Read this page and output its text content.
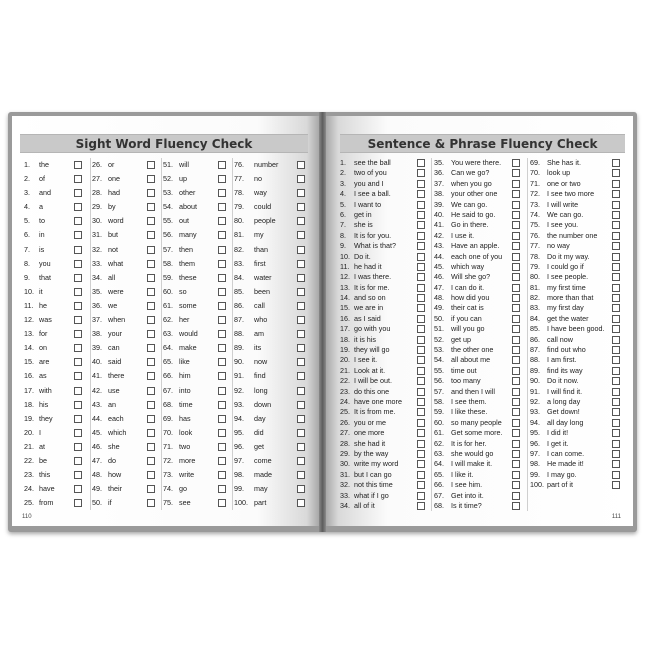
Sight Word Fluency Check
1. the
2. of
3. and
4. a
5. to
6. in
7. is
8. you
9. that
10. it
11. he
12. was
13. for
14. on
15. are
16. as
17. with
18. his
19. they
20. I
21. at
22. be
23. this
24. have
25. from
26. or
27. one
28. had
29. by
30. word
31. but
32. not
33. what
34. all
35. were
36. we
37. when
38. your
39. can
40. said
41. there
42. use
43. an
44. each
45. which
46. she
47. do
48. how
49. their
50. if
51. will
52. up
53. other
54. about
55. out
56. many
57. then
58. them
59. these
60. so
61. some
62. her
63. would
64. make
65. like
66. him
67. into
68. time
69. has
70. look
71. two
72. more
73. write
74. go
75. see
76. number
77. no
78. way
79. could
80. people
81. my
82. than
83. first
84. water
85. been
86. call
87. who
88. am
89. its
90. now
91. find
92. long
93. down
94. day
95. did
96. get
97. come
98. made
99. may
100. part
110
Sentence & Phrase Fluency Check
1. see the ball
2. two of you
3. you and I
4. I see a ball.
5. I want to
6. get in
7. she is
8. It is for you.
9. What is that?
10. Do it.
11. he had it
12. I was there.
13. It is for me.
14. and so on
15. we are in
16. as I said
17. go with you
18. it is his
19. they will go
20. I see it.
21. Look at it.
22. I will be out.
23. do this one
24. have one more
25. It is from me.
26. you or me
27. one more
28. she had it
29. by the way
30. write my word
31. but I can go
32. not this time
33. what if I go
34. all of it
35. You were there.
36. Can we go?
37. when you go
38. your other one
39. We can go.
40. He said to go.
41. Go in there.
42. I use it.
43. Have an apple.
44. each one of you
45. which way
46. Will she go?
47. I can do it.
48. how did you
49. their cat is
50. if you can
51. will you go
52. get up
53. the other one
54. all about me
55. time out
56. too many
57. and then I will
58. I see them.
59. I like these.
60. so many people
61. Get some more.
62. It is for her.
63. she would go
64. I will make it.
65. I like it.
66. I see him.
67. Get into it.
68. Is it time?
69. She has it.
70. look up
71. one or two
72. I see two more
73. I will write
74. We can go.
75. I see you.
76. the number one
77. no way
78. Do it my way.
79. I could go if
80. I see people.
81. my first time
82. more than that
83. my first day
84. get the water
85. I have been good.
86. call now
87. find out who
88. I am first.
89. find its way
90. Do it now.
91. I will find it.
92. a long day
93. Get down!
94. all day long
95. I did it!
96. I get it.
97. I can come.
98. He made it!
99. I may go.
100. part of it
111
